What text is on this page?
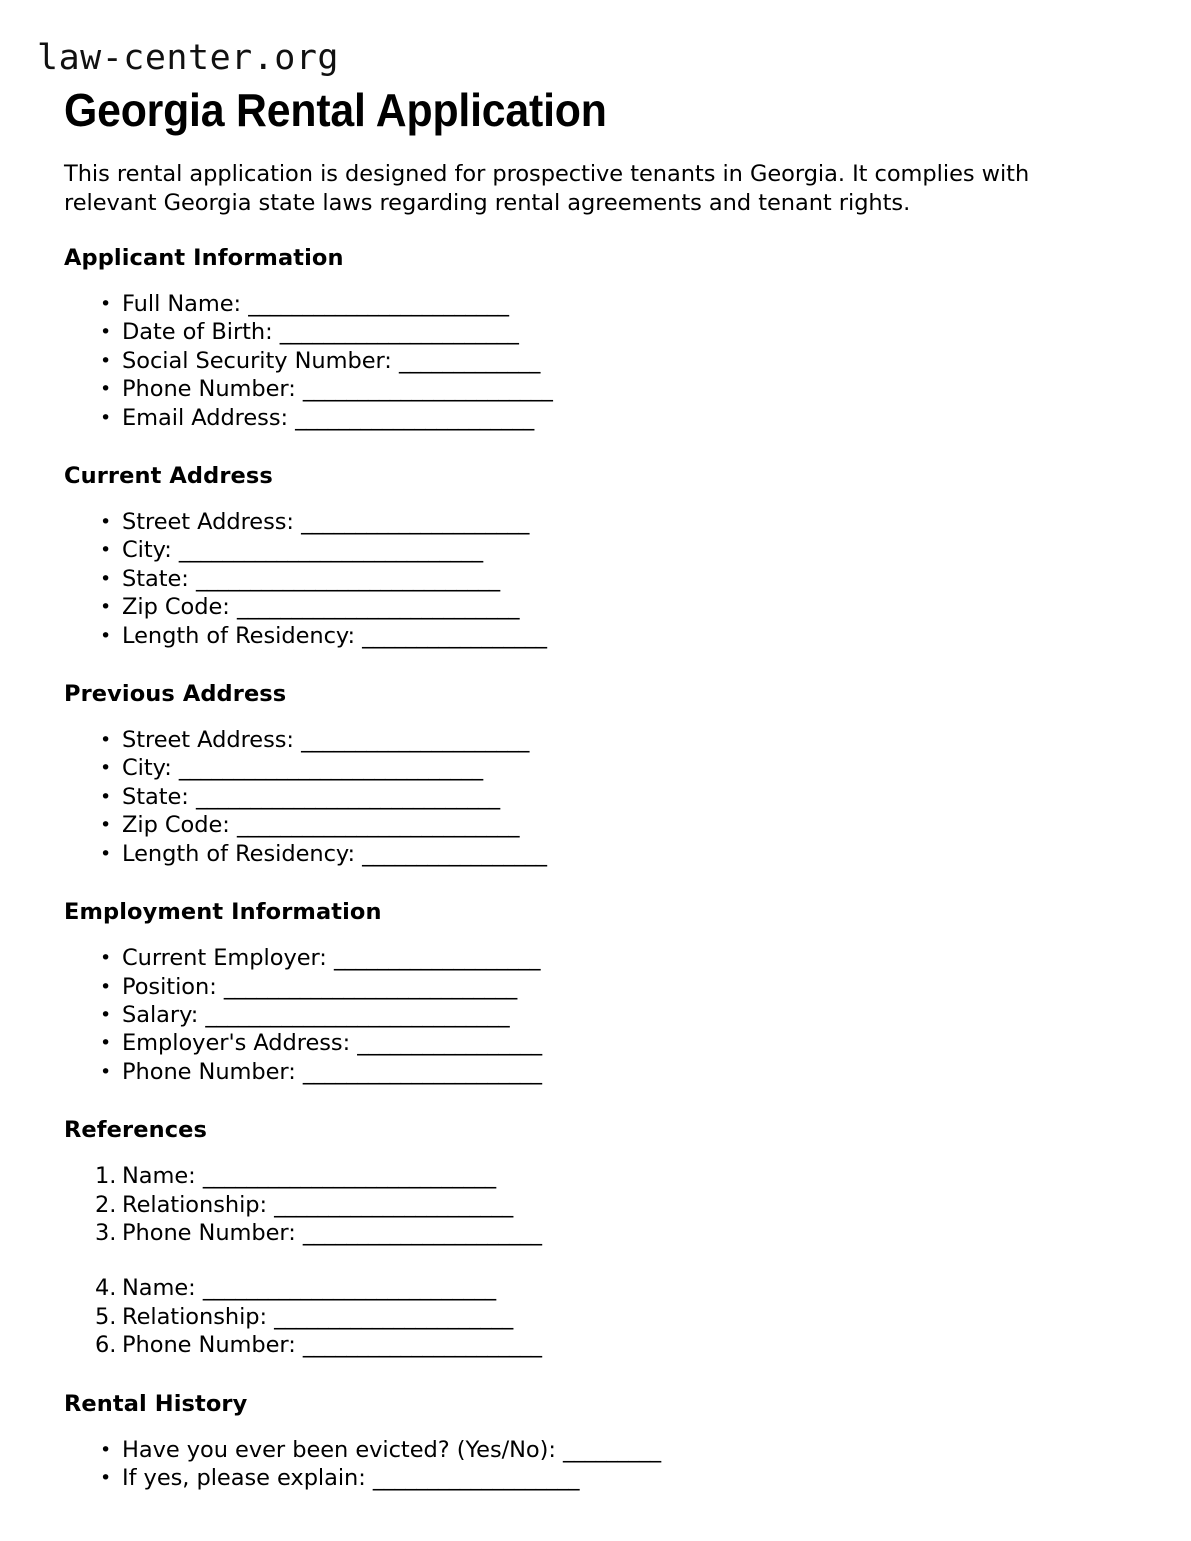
law-center.org
Georgia Rental Application

This rental application is designed for prospective tenants in Georgia. It complies with relevant Georgia state laws regarding rental agreements and tenant rights.

Applicant Information
• Full Name: ________________________
• Date of Birth: ______________________
• Social Security Number: _____________
• Phone Number: _______________________
• Email Address: ______________________
Current Address
• Street Address: _____________________
• City: ____________________________
• State: ____________________________
• Zip Code: __________________________
• Length of Residency: _________________
Previous Address
• Street Address: _____________________
• City: ____________________________
• State: ____________________________
• Zip Code: __________________________
• Length of Residency: _________________
Employment Information
• Current Employer: ___________________
• Position: ___________________________
• Salary: ____________________________
• Employer's Address: _________________
• Phone Number: ______________________
References
1. Name: ___________________________
2. Relationship: ______________________
3. Phone Number: ______________________
4. Name: ___________________________
5. Relationship: ______________________
6. Phone Number: ______________________
Rental History
• Have you ever been evicted? (Yes/No): _________
• If yes, please explain: ___________________
